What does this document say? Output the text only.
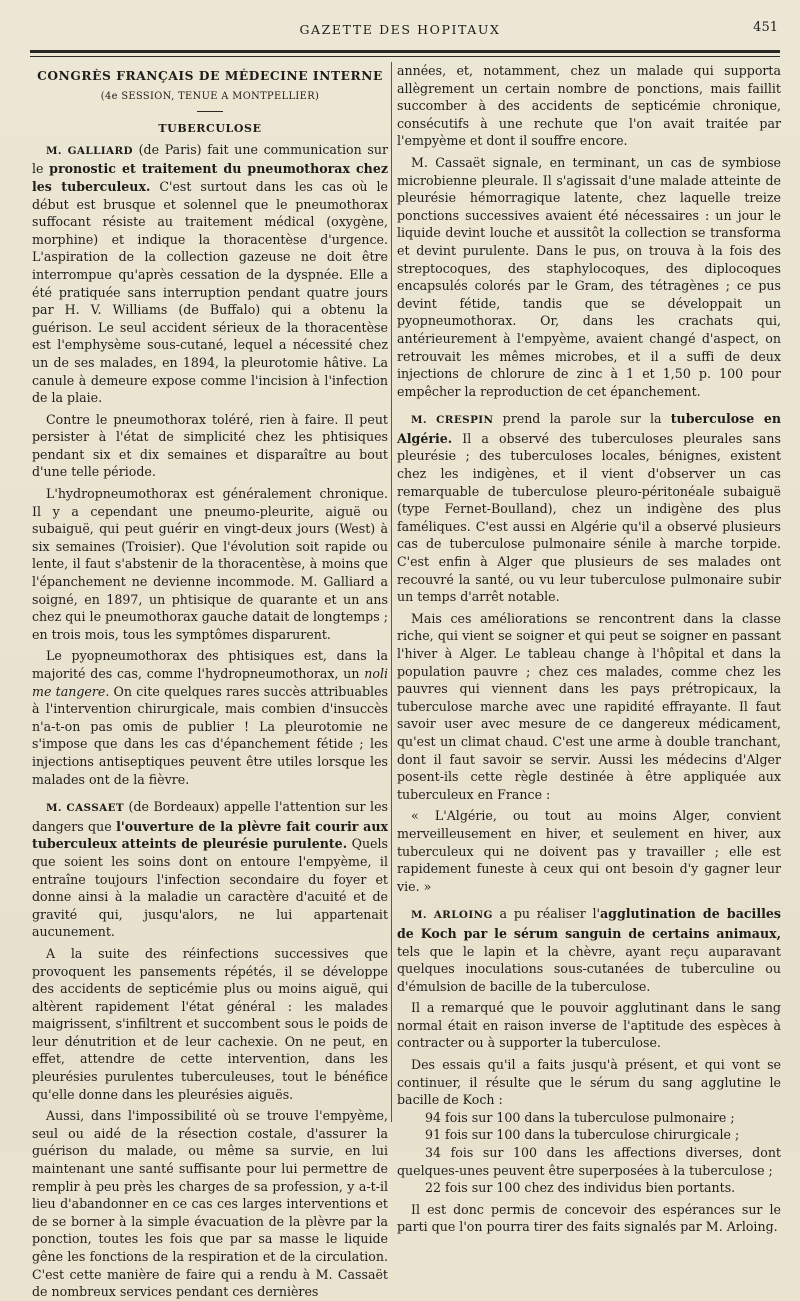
GAZETTE DES HOPITAUX	451
CONGRÈS FRANÇAIS DE MÉDECINE INTERNE
(4e SESSION, TENUE A MONTPELLIER)
TUBERCULOSE

M. GALLIARD (de Paris) fait une communication sur le pronostic et traitement du pneumothorax chez les tuberculeux. C'est surtout dans les cas où le début est brusque et solennel que le pneumothorax suffocant résiste au traitement médical (oxygène, morphine) et indique la thoracentèse d'urgence. L'aspiration de la collection gazeuse ne doit être interrompue qu'après cessation de la dyspnée. Elle a été pratiquée sans interruption pendant quatre jours par H. V. Williams (de Buffalo) qui a obtenu la guérison. Le seul accident sérieux de la thoracentèse est l'emphysème sous-cutané, lequel a nécessité chez un de ses malades, en 1894, la pleurotomie hâtive. La canule à demeure expose comme l'incision à l'infection de la plaie.

Contre le pneumothorax toléré, rien à faire. Il peut persister à l'état de simplicité chez les phtisiques pendant six et dix semaines et disparaître au bout d'une telle période.

L'hydropneumothorax est généralement chronique. Il y a cependant une pneumo-pleurite, aiguë ou subaiguë, qui peut guérir en vingt-deux jours (West) à six semaines (Troisier). Que l'évolution soit rapide ou lente, il faut s'abstenir de la thoracentèse, à moins que l'épanchement ne devienne incommode. M. Galliard a soigné, en 1897, un phtisique de quarante et un ans chez qui le pneumothorax gauche datait de longtemps ; en trois mois, tous les symptômes disparurent.

Le pyopneumothorax des phtisiques est, dans la majorité des cas, comme l'hydropneumothorax, un noli me tangere. On cite quelques rares succès attribuables à l'intervention chirurgicale, mais combien d'insuccès n'a-t-on pas omis de publier ! La pleurotomie ne s'impose que dans les cas d'épanchement fétide ; les injections antiseptiques peuvent être utiles lorsque les malades ont de la fièvre.

M. CASSAET (de Bordeaux) appelle l'attention sur les dangers que l'ouverture de la plèvre fait courir aux tuberculeux atteints de pleurésie purulente. Quels que soient les soins dont on entoure l'empyème, il entraîne toujours l'infection secondaire du foyer et donne ainsi à la maladie un caractère d'acuité et de gravité qui, jusqu'alors, ne lui appartenait aucunement.

A la suite des réinfections successives que provoquent les pansements répétés, il se développe des accidents de septicémie plus ou moins aiguë, qui altèrent rapidement l'état général : les malades maigrissent, s'infiltrent et succombent sous le poids de leur dénutrition et de leur cachexie. On ne peut, en effet, attendre de cette intervention, dans les pleurésies purulentes tuberculeuses, tout le bénéfice qu'elle donne dans les pleurésies aiguës.

Aussi, dans l'impossibilité où se trouve l'empyème, seul ou aidé de la résection costale, d'assurer la guérison du malade, ou même sa survie, en lui maintenant une santé suffisante pour lui permettre de remplir à peu près les charges de sa profession, y a-t-il lieu d'abandonner en ce cas ces larges interventions et de se borner à la simple évacuation de la plèvre par la ponction, toutes les fois que par sa masse le liquide gêne les fonctions de la respiration et de la circulation. C'est cette manière de faire qui a rendu à M. Cassaët de nombreux services pendant ces dernières

années, et, notamment, chez un malade qui supporta allègrement un certain nombre de ponctions, mais faillit succomber à des accidents de septicémie chronique, consécutifs à une rechute que l'on avait traitée par l'empyème et dont il souffre encore.

M. Cassaët signale, en terminant, un cas de symbiose microbienne pleurale. Il s'agissait d'une malade atteinte de pleurésie hémorragique latente, chez laquelle treize ponctions successives avaient été nécessaires : un jour le liquide devint louche et aussitôt la collection se transforma et devint purulente. Dans le pus, on trouva à la fois des streptocoques, des staphylocoques, des diplocoques encapsulés colorés par le Gram, des tétragènes ; ce pus devint fétide, tandis que se développait un pyopneumothorax. Or, dans les crachats qui, antérieurement à l'empyème, avaient changé d'aspect, on retrouvait les mêmes microbes, et il a suffi de deux injections de chlorure de zinc à 1 et 1,50 p. 100 pour empêcher la reproduction de cet épanchement.

M. CRESPIN prend la parole sur la tuberculose en Algérie. Il a observé des tuberculoses pleurales sans pleurésie ; des tuberculoses locales, bénignes, existent chez les indigènes, et il vient d'observer un cas remarquable de tuberculose pleuro-péritonéale subaiguë (type Fernet-Boulland), chez un indigène des plus faméliques. C'est aussi en Algérie qu'il a observé plusieurs cas de tuberculose pulmonaire sénile à marche torpide. C'est enfin à Alger que plusieurs de ses malades ont recouvré la santé, ou vu leur tuberculose pulmonaire subir un temps d'arrêt notable.

Mais ces améliorations se rencontrent dans la classe riche, qui vient se soigner et qui peut se soigner en passant l'hiver à Alger. Le tableau change à l'hôpital et dans la population pauvre ; chez ces malades, comme chez les pauvres qui viennent dans les pays prétropicaux, la tuberculose marche avec une rapidité effrayante. Il faut savoir user avec mesure de ce dangereux médicament, qu'est un climat chaud. C'est une arme à double tranchant, dont il faut savoir se servir. Aussi les médecins d'Alger posent-ils cette règle destinée à être appliquée aux tuberculeux en France :

« L'Algérie, ou tout au moins Alger, convient merveilleusement en hiver, et seulement en hiver, aux tuberculeux qui ne doivent pas y travailler ; elle est rapidement funeste à ceux qui ont besoin d'y gagner leur vie. »

M. ARLOING a pu réaliser l'agglutination de bacilles de Koch par le sérum sanguin de certains animaux, tels que le lapin et la chèvre, ayant reçu auparavant quelques inoculations sous-cutanées de tuberculine ou d'émulsion de bacille de la tuberculose.

Il a remarqué que le pouvoir agglutinant dans le sang normal était en raison inverse de l'aptitude des espèces à contracter ou à supporter la tuberculose.

Des essais qu'il a faits jusqu'à présent, et qui vont se continuer, il résulte que le sérum du sang agglutine le bacille de Koch :

94 fois sur 100 dans la tuberculose pulmonaire ;

91 fois sur 100 dans la tuberculose chirurgicale ;

34 fois sur 100 dans les affections diverses, dont quelques-unes peuvent être superposées à la tuberculose ;

22 fois sur 100 chez des individus bien portants.

Il est donc permis de concevoir des espérances sur le parti que l'on pourra tirer des faits signalés par M. Arloing.
